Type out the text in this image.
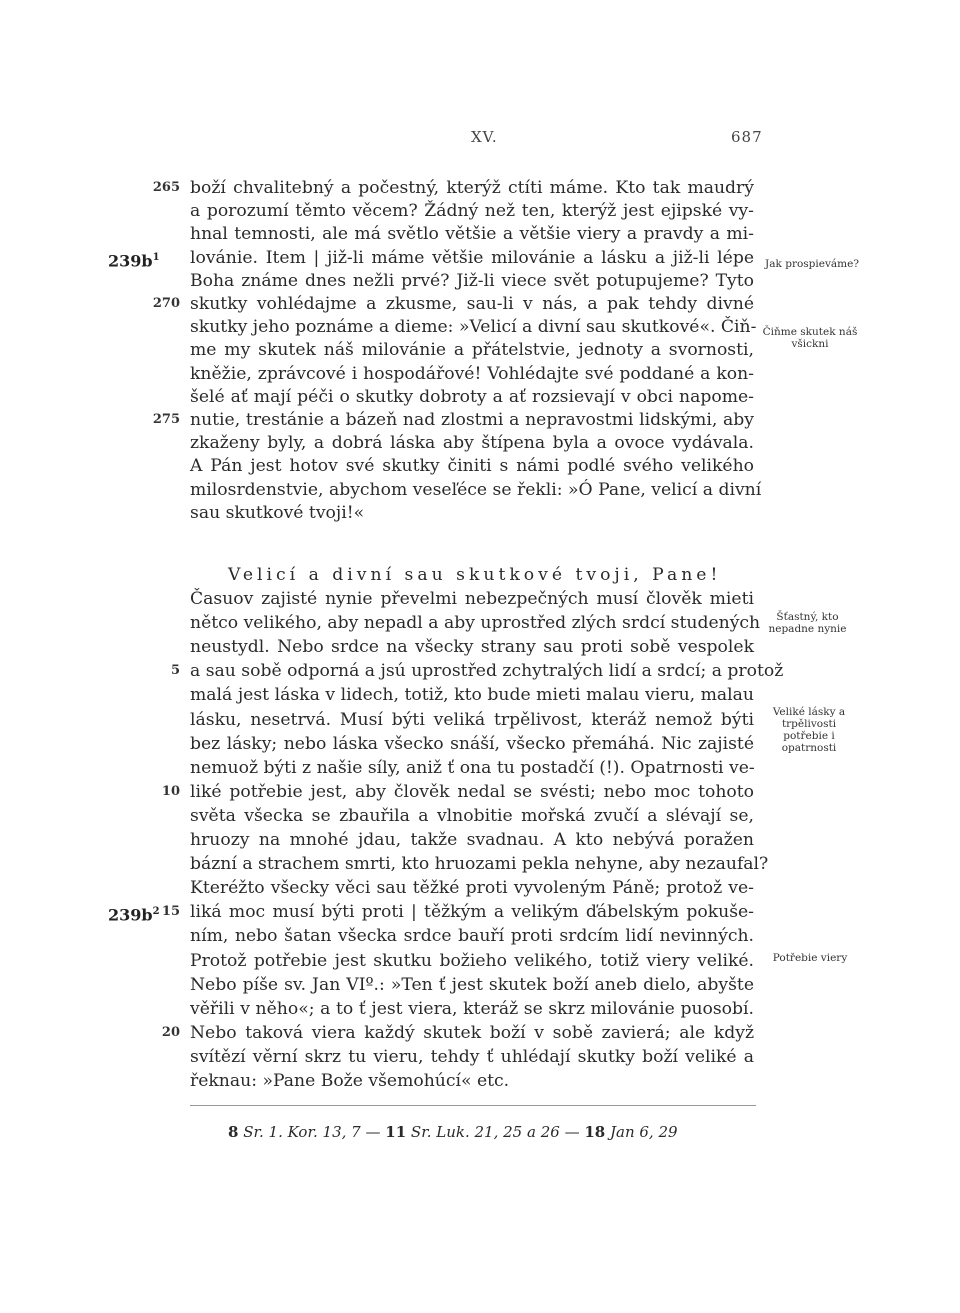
XV.	687
Jak prospieváme?
Čiňme skutek náš všickni
Šťastný, kto nepadne nynie
Veliké lásky a trpělivosti potřebie i opatrnosti
Potřebie viery
8 Sr. 1. Kor. 13, 7 — 11 Sr. Luk. 21, 25 a 26 — 18 Jan 6, 29
boží chvalitebný a počestný, kterýž ctíti máme. Kto tak maudrý
265
a porozumí těmto věcem? Žádný než ten, kterýž jest ejipské vy-
hnal temnosti, ale má světlo většie a většie viery a pravdy a mi-
lovánie. Item | již-li máme většie milovánie a lásku a již-li lépe
$239b^1$
Boha známe dnes nežli prvé? Již-li viece svět potupujeme? Tyto
skutky vohlédajme a zkusme, sau-li v nás, a pak tehdy divné
270
skutky jeho poznáme a dieme: »Velicí a divní sau skutkové«. Čiň-
me my skutek náš milovánie a přátelstvie, jednoty a svornosti,
kněžie, zprávcové i hospodářové! Vohlédajte své poddané a kon-
šelé ať mají péči o skutky dobroty a ať rozsievají v obci napome-
nutie, trestánie a bázeň nad zlostmi a nepravostmi lidskými, aby
275
zkaženy byly, a dobrá láska aby štípena byla a ovoce vydávala.
A Pán jest hotov své skutky činiti s námi podlé svého velikého
milosrdenstvie, abychom veseľéce se řekli: »Ó Pane, velicí a divní
sau skutkové tvoji!«
Velicí a divní sau skutkové tvoji, Pane!
Časuov zajisté nynie převelmi nebezpečných musí člověk mieti
nětco velikého, aby nepadl a aby uprostřed zlých srdcí studených
neustydl. Nebo srdce na všecky strany sau proti sobě vespolek
a sau sobě odporná a jsú uprostřed zchytralých lidí a srdcí; a protož
5
malá jest láska v lidech, totiž, kto bude mieti malau vieru, malau
lásku, nesetrvá. Musí býti veliká trpělivost, kteráž nemož býti
bez lásky; nebo láska všecko snáší, všecko přemáhá. Nic zajisté
nemuož býti z našie síly, aniž ť ona tu postadčí (!). Opatrnosti ve-
liké potřebie jest, aby člověk nedal se svésti; nebo moc tohoto
10
světa všecka se zbauřila a vlnobitie mořská zvučí a slévají se,
hruozy na mnohé jdau, takže svadnau. A kto nebývá poražen
bázní a strachem smrti, kto hruozami pekla nehyne, aby nezaufal?
Kteréžto všecky věci sau těžké proti vyvoleným Páně; protož ve-
liká moc musí býti proti | těžkým a velikým ďábelským pokuše-
15
$239b^2$
ním, nebo šatan všecka srdce bauří proti srdcím lidí nevinných.
Protož potřebie jest skutku božieho velikého, totiž viery veliké.
Nebo píše sv. Jan VIº.: »Ten ť jest skutek boží aneb dielo, abyšte
věřili v něho«; a to ť jest viera, kteráž se skrz milovánie puosobí.
Nebo taková viera každý skutek boží v sobě zavierá; ale když
20
svítězí věrní skrz tu vieru, tehdy ť uhlédají skutky boží veliké a
řeknau: »Pane Bože všemohúcí« etc.
